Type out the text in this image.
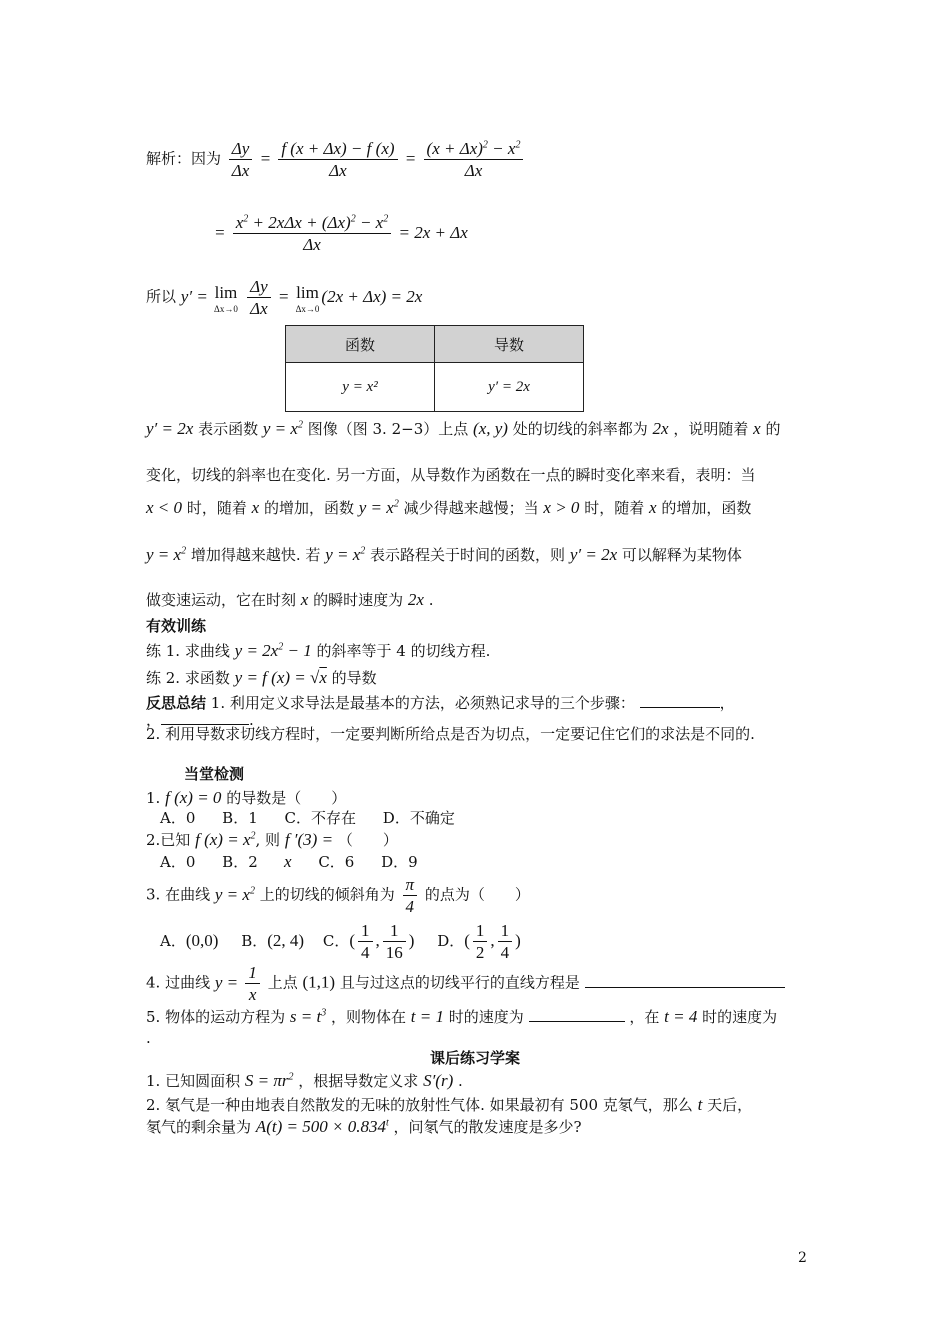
解析：因为 $\frac{\Delta y}{\Delta x} = \frac{f (x + \Delta x) - f (x)}{\Delta x} = \frac{(x + \Delta x)^2 - x^2}{\Delta x}$
= $\frac{x^2 + 2x\Delta x + (\Delta x)^2 - x^2}{\Delta x} = 2x + \Delta x$
所以 y′ = lim
Δx→0
$\frac{\Delta y}{\Delta x} = \lim$
Δx→0
(2x + Δx) = 2x
函数	导数
y = x²	y′ = 2x
y′ = 2x 表示函数 $y = x^2$ 图像（图 3. 2−3）上点 (x, y) 处的切线的斜率都为 2x ，说明随着 x 的
变化，切线的斜率也在变化. 另一方面，从导数作为函数在一点的瞬时变化率来看，表明：当
x < 0 时，随着 x 的增加，函数 $y = x^2$ 减少得越来越慢；当 x > 0 时，随着 x 的增加，函数
$y = x^2$ 增加得越来越快. 若 $y = x^2$ 表示路程关于时间的函数，则 y′ = 2x 可以解释为某物体
做变速运动，它在时刻 x 的瞬时速度为 2x .
有效训练
练 1. 求曲线 $y = 2x^2 - 1$ 的斜率等于 4 的切线方程.
练 2. 求函数 y = f (x) = √x 的导数
反思总结 1. 利用定义求导法是最基本的方法，必须熟记求导的三个步骤：	，
，	.
2. 利用导数求切线方程时，一定要判断所给点是否为切点，一定要记住它们的求法是不同的.
当堂检测
1. f (x) = 0 的导数是（　　）
A．0 B．1 C．不存在 D．不确定
2.已知 f $(x) = x^2$, 则 f ′(3) = （　　）
A．0 B．2 x C．6 D．9
3. 在曲线 $y = x^2$ 上的切线的倾斜角为 $\frac{\pi}{4}$ 的点为（　　）
A．(0,0) B．(2, 4) C．( $\frac{1}{4}$ , $\frac{1}{16}$ ) D．( $\frac{1}{2}$ , $\frac{1}{4}$ )
4. 过曲线 $y = \frac{1}{x}$ 上点 (1,1) 且与过这点的切线平行的直线方程是
5. 物体的运动方程为 $s = t^3$ ，则物体在 t = 1 时的速度为	，在 t = 4 时的速度为
.
课后练习学案
1. 已知圆面积 $S = \pi r^2$ ，根据导数定义求 S′(r) .
2. 氡气是一种由地表自然散发的无味的放射性气体. 如果最初有 500 克氡气，那么 t 天后，
氡气的剩余量为 $A(t) = 500 \times 0.834^t$ ，问氡气的散发速度是多少?
2
